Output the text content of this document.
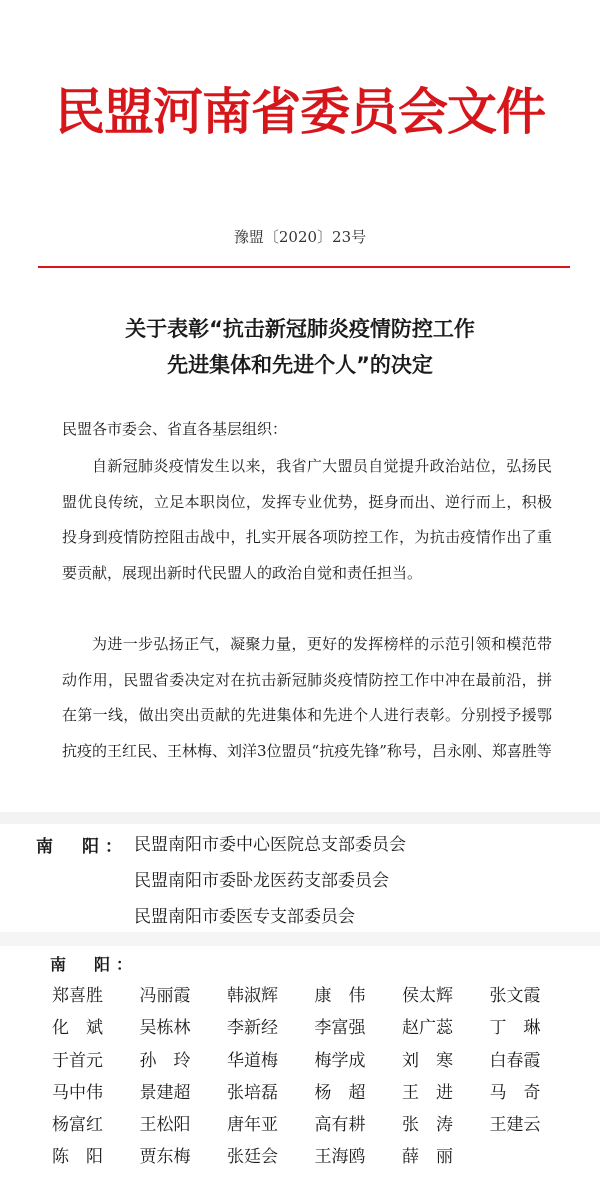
民盟河南省委员会文件
豫盟〔2020〕23号
关于表彰“抗击新冠肺炎疫情防控工作
先进集体和先进个人”的决定
民盟各市委会、省直各基层组织：
自新冠肺炎疫情发生以来，我省广大盟员自觉提升政治站位，弘扬民盟优良传统，立足本职岗位，发挥专业优势，挺身而出、逆行而上，积极投身到疫情防控阻击战中，扎实开展各项防控工作，为抗击疫情作出了重要贡献，展现出新时代民盟人的政治自觉和责任担当。
为进一步弘扬正气，凝聚力量，更好的发挥榜样的示范引领和模范带动作用，民盟省委决定对在抗击新冠肺炎疫情防控工作中冲在最前沿，拼在第一线，做出突出贡献的先进集体和先进个人进行表彰。分别授予援鄂抗疫的王红民、王林梅、刘洋3位盟员“抗疫先锋”称号，吕永刚、郑喜胜等
南　阳： 民盟南阳市委中心医院总支部委员会
民盟南阳市委卧龙医药支部委员会
民盟南阳市委医专支部委员会
南　阳：
郑喜胜	冯丽霞	韩淑辉	康　伟	侯太辉	张文霞
化　斌	吴栋林	李新经	李富强	赵广蕊	丁　琳
于首元	孙　玲	华道梅	梅学成	刘　寒	白春霞
马中伟	景建超	张培磊	杨　超	王　进	马　奇
杨富红	王松阳	唐年亚	高有耕	张　涛	王建云
陈　阳	贾东梅	张廷会	王海鸥	薛　丽
